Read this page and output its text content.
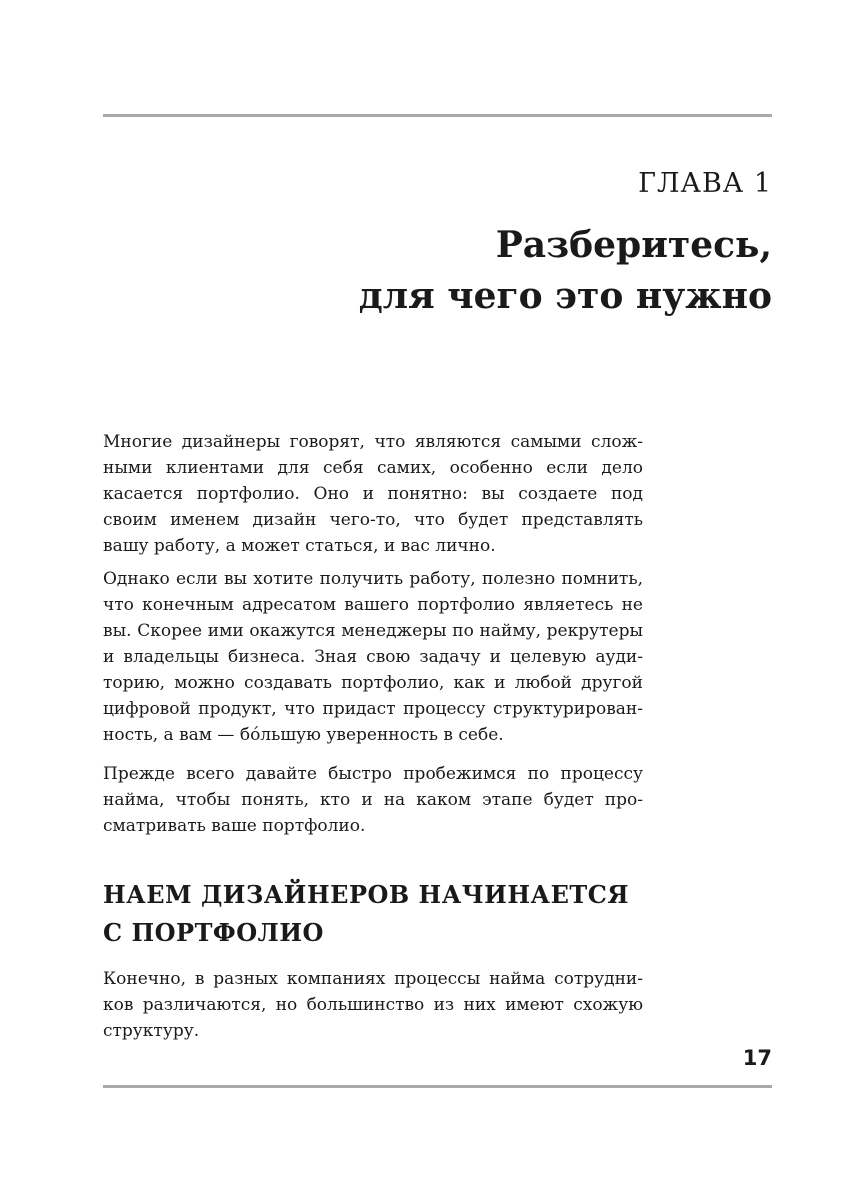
ГЛАВА 1
Разберитесь,
для чего это нужно
Многие дизайнеры говорят, что являются самыми слож-
ными клиентами для себя самих, особенно если дело
касается портфолио. Оно и понятно: вы создаете под
своим именем дизайн чего-то, что будет представлять
вашу работу, а может статься, и вас лично.
Однако если вы хотите получить работу, полезно помнить,
что конечным адресатом вашего портфолио являетесь не
вы. Скорее ими окажутся менеджеры по найму, рекрутеры
и владельцы бизнеса. Зная свою задачу и целевую ауди-
торию, можно создавать портфолио, как и любой другой
цифровой продукт, что придаст процессу структурирован-
ность, а вам — бóльшую уверенность в себе.
Прежде всего давайте быстро пробежимся по процессу
найма, чтобы понять, кто и на каком этапе будет про-
сматривать ваше портфолио.
НАЕМ ДИЗАЙНЕРОВ НАЧИНАЕТСЯ
С ПОРТФОЛИО
Конечно, в разных компаниях процессы найма сотрудни-
ков различаются, но большинство из них имеют схожую
структуру.
17
